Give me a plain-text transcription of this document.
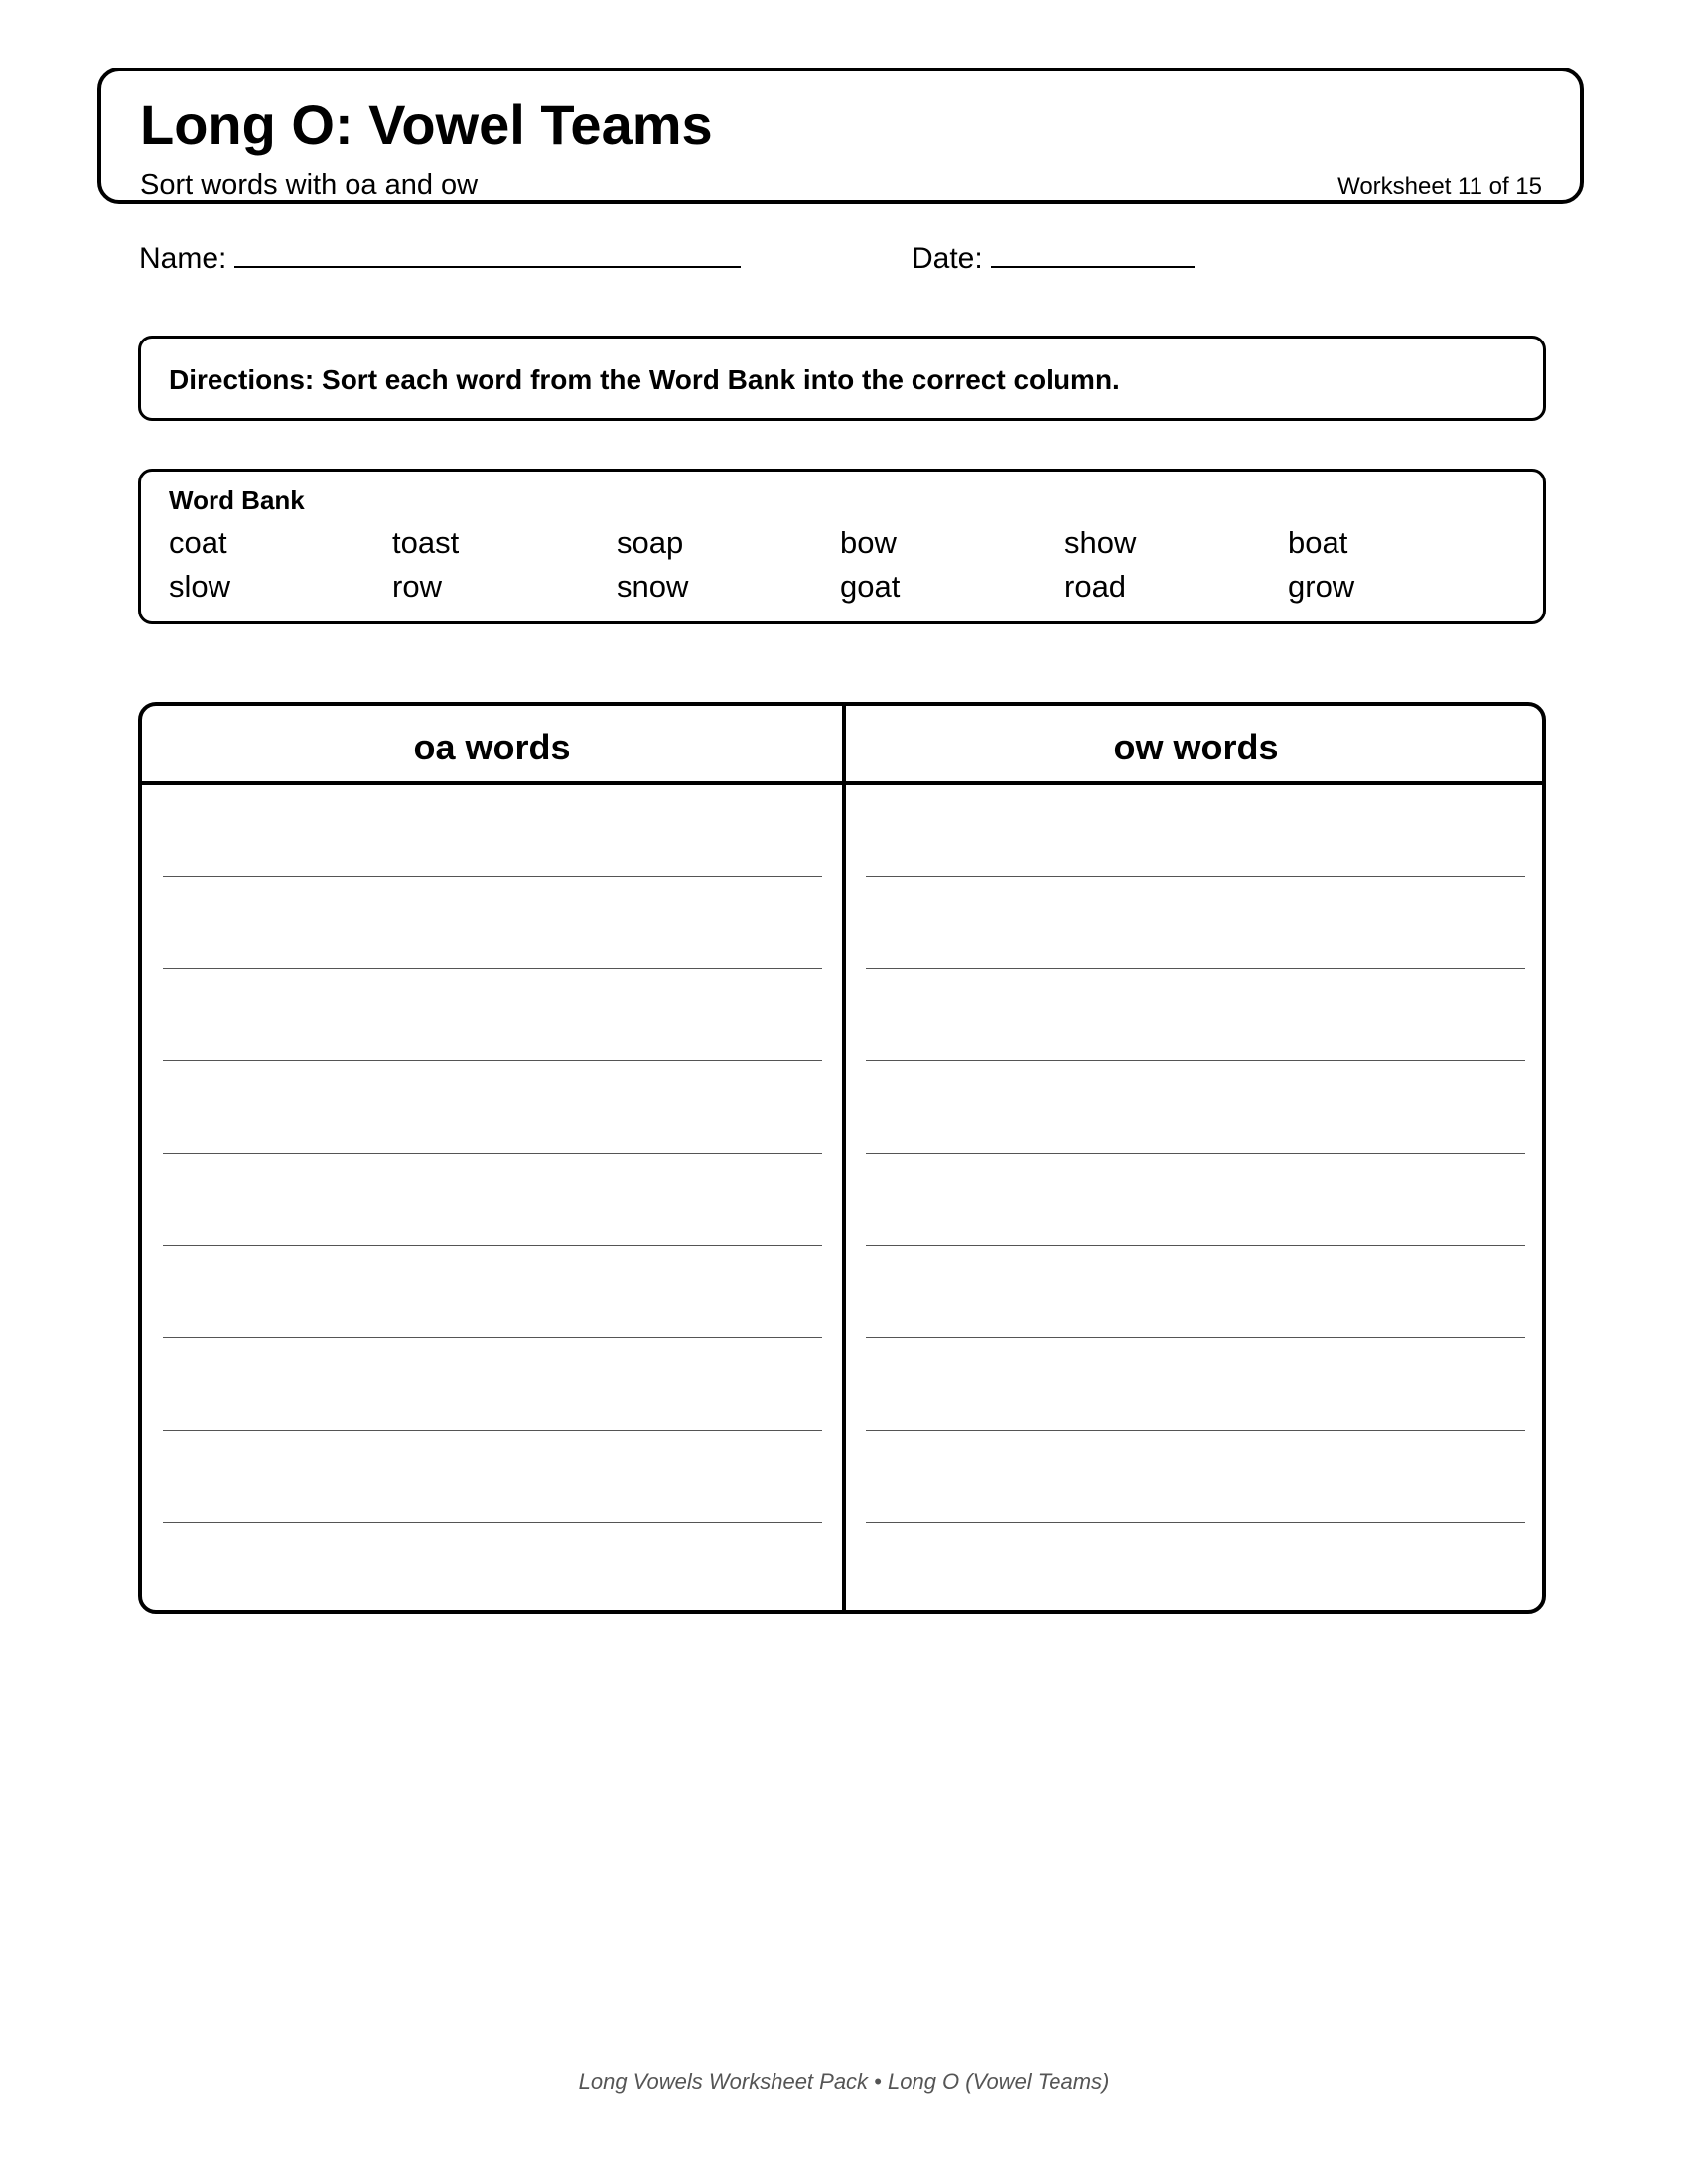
Long O: Vowel Teams
Sort words with oa and ow	Worksheet 11 of 15
Name:	Date:
Directions: Sort each word from the Word Bank into the correct column.
Word Bank
coat	toast	soap	bow	show	boat
slow	row	snow	goat	road	grow
oa words	ow words
Long Vowels Worksheet Pack • Long O (Vowel Teams)
